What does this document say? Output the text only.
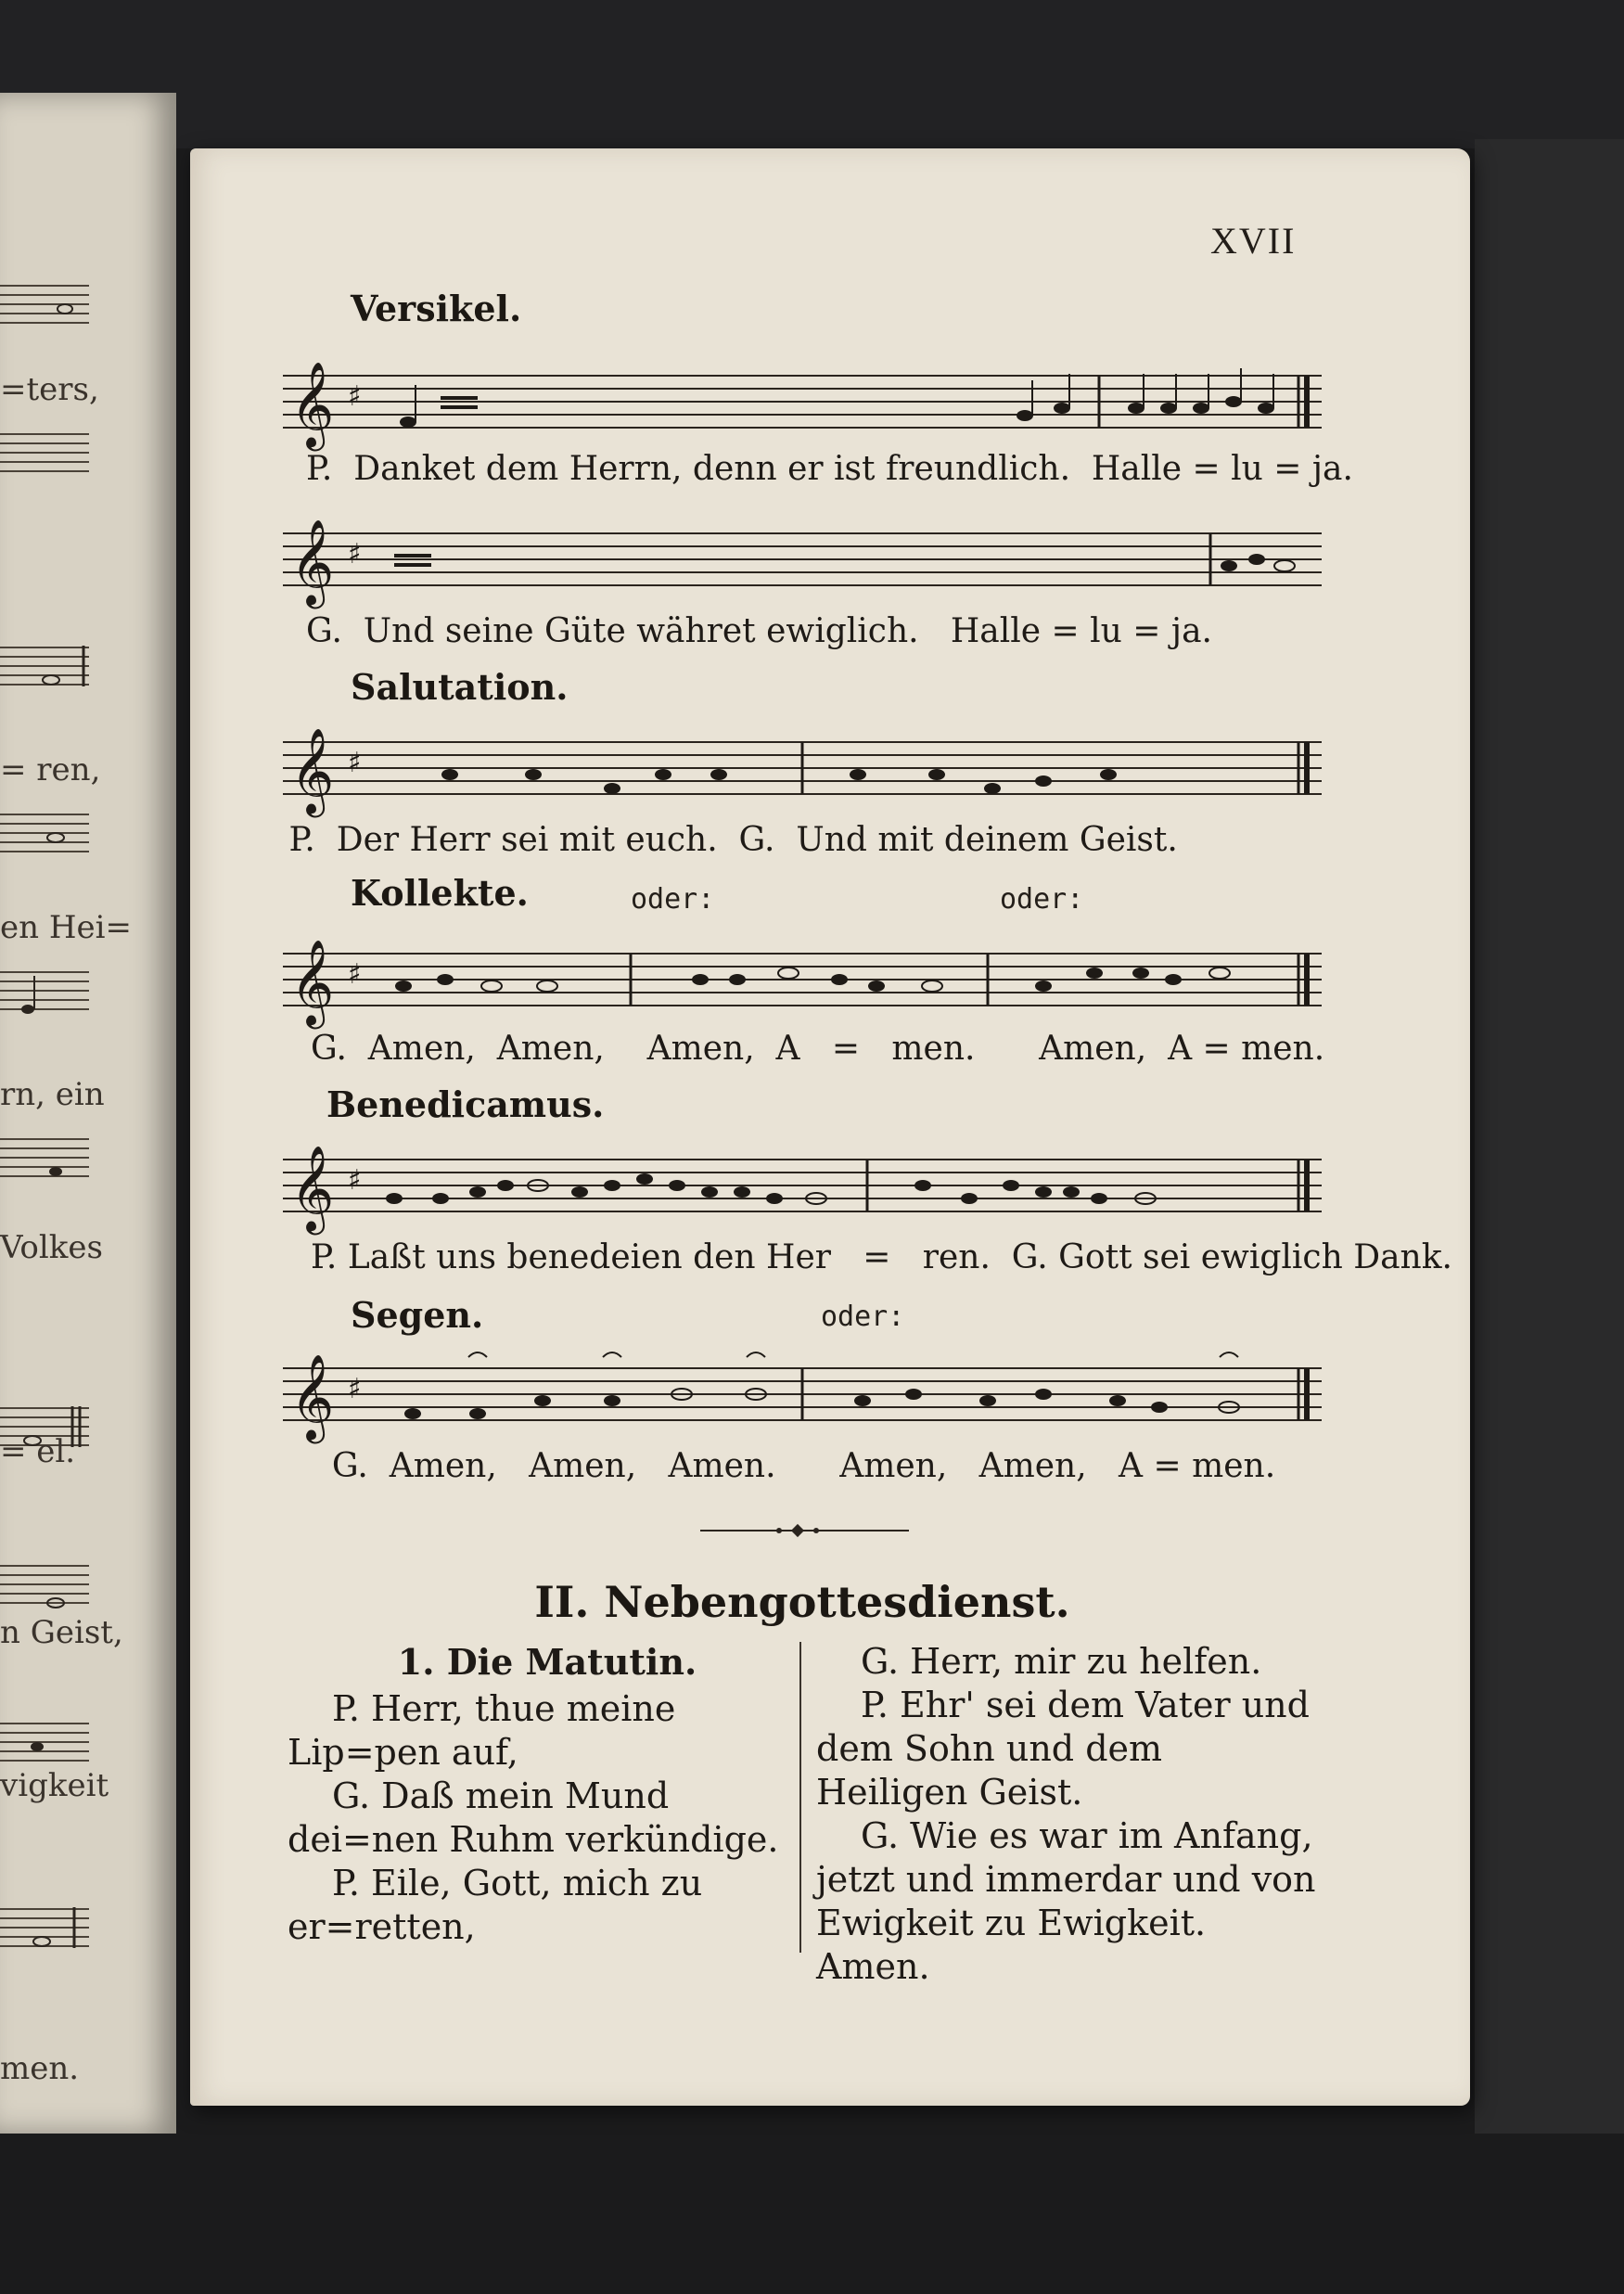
=ters,
= ren,
en Hei=
rn, ein
Volkes
= el.
n Geist,
vigkeit
men.
XVII
Versikel.
𝄞 ♯
P.  Danket dem Herrn, denn er ist freundlich.  Halle = lu = ja.
𝄞 ♯
G.  Und seine Güte währet ewiglich.   Halle = lu = ja.
Salutation.
𝄞 ♯
P.  Der Herr sei mit euch.  G.  Und mit deinem Geist.
Kollekte.	oder:	oder:
𝄞 ♯
G.  Amen,  Amen,    Amen,  A   =   men.      Amen,  A = men.
Benedicamus.
𝄞 ♯
P. Laßt uns benedeien den Her   =   ren.  G. Gott sei ewiglich Dank.
Segen.	oder:
𝄞 ♯
G.  Amen,   Amen,   Amen.      Amen,   Amen,   A = men.
II. Nebengottesdienst.

1. Die Matutin.

P. Herr, thue meine Lip=pen auf,

G. Daß mein Mund dei=nen Ruhm verkündige.

P. Eile, Gott, mich zu er=retten,

G. Herr, mir zu helfen.

P. Ehr' sei dem Vater und dem Sohn und dem Heiligen Geist.

G. Wie es war im Anfang, jetzt und immerdar und von Ewigkeit zu Ewigkeit. Amen.
